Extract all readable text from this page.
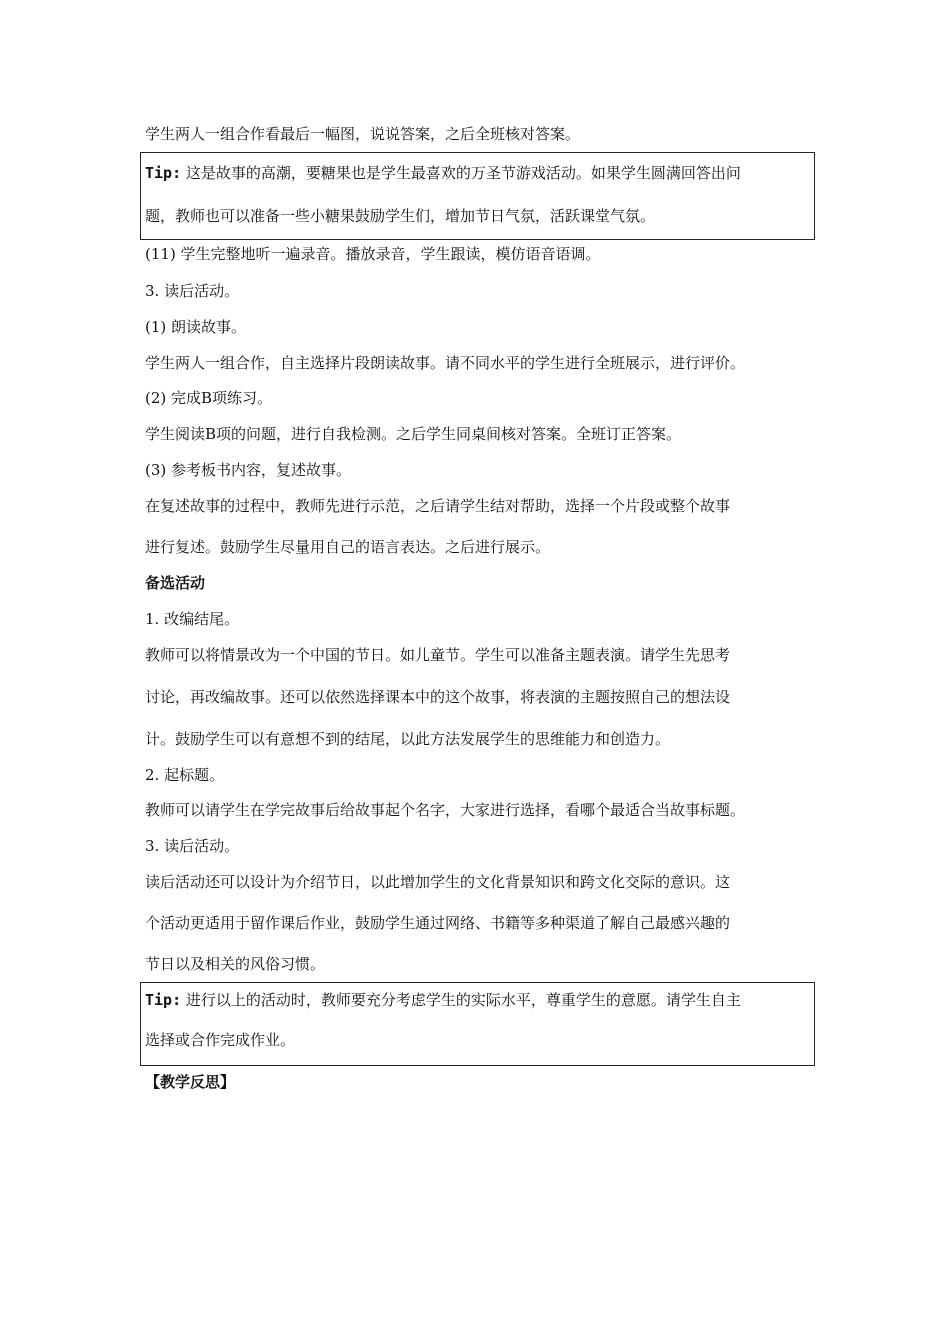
学生两人一组合作看最后一幅图，说说答案，之后全班核对答案。
Tip: 这是故事的高潮，要糖果也是学生最喜欢的万圣节游戏活动。如果学生圆满回答出问
题，教师也可以准备一些小糖果鼓励学生们，增加节日气氛，活跃课堂气氛。
(11) 学生完整地听一遍录音。播放录音，学生跟读，模仿语音语调。
3. 读后活动。
(1) 朗读故事。
学生两人一组合作，自主选择片段朗读故事。请不同水平的学生进行全班展示，进行评价。
(2) 完成B项练习。
学生阅读B项的问题，进行自我检测。之后学生同桌间核对答案。全班订正答案。
(3) 参考板书内容，复述故事。
在复述故事的过程中，教师先进行示范，之后请学生结对帮助，选择一个片段或整个故事
进行复述。鼓励学生尽量用自己的语言表达。之后进行展示。
备选活动
1. 改编结尾。
教师可以将情景改为一个中国的节日。如儿童节。学生可以准备主题表演。请学生先思考
讨论，再改编故事。还可以依然选择课本中的这个故事，将表演的主题按照自己的想法设
计。鼓励学生可以有意想不到的结尾，以此方法发展学生的思维能力和创造力。
2. 起标题。
教师可以请学生在学完故事后给故事起个名字，大家进行选择，看哪个最适合当故事标题。
3. 读后活动。
读后活动还可以设计为介绍节日，以此增加学生的文化背景知识和跨文化交际的意识。这
个活动更适用于留作课后作业，鼓励学生通过网络、书籍等多种渠道了解自己最感兴趣的
节日以及相关的风俗习惯。
Tip: 进行以上的活动时，教师要充分考虑学生的实际水平，尊重学生的意愿。请学生自主
选择或合作完成作业。
【教学反思】
